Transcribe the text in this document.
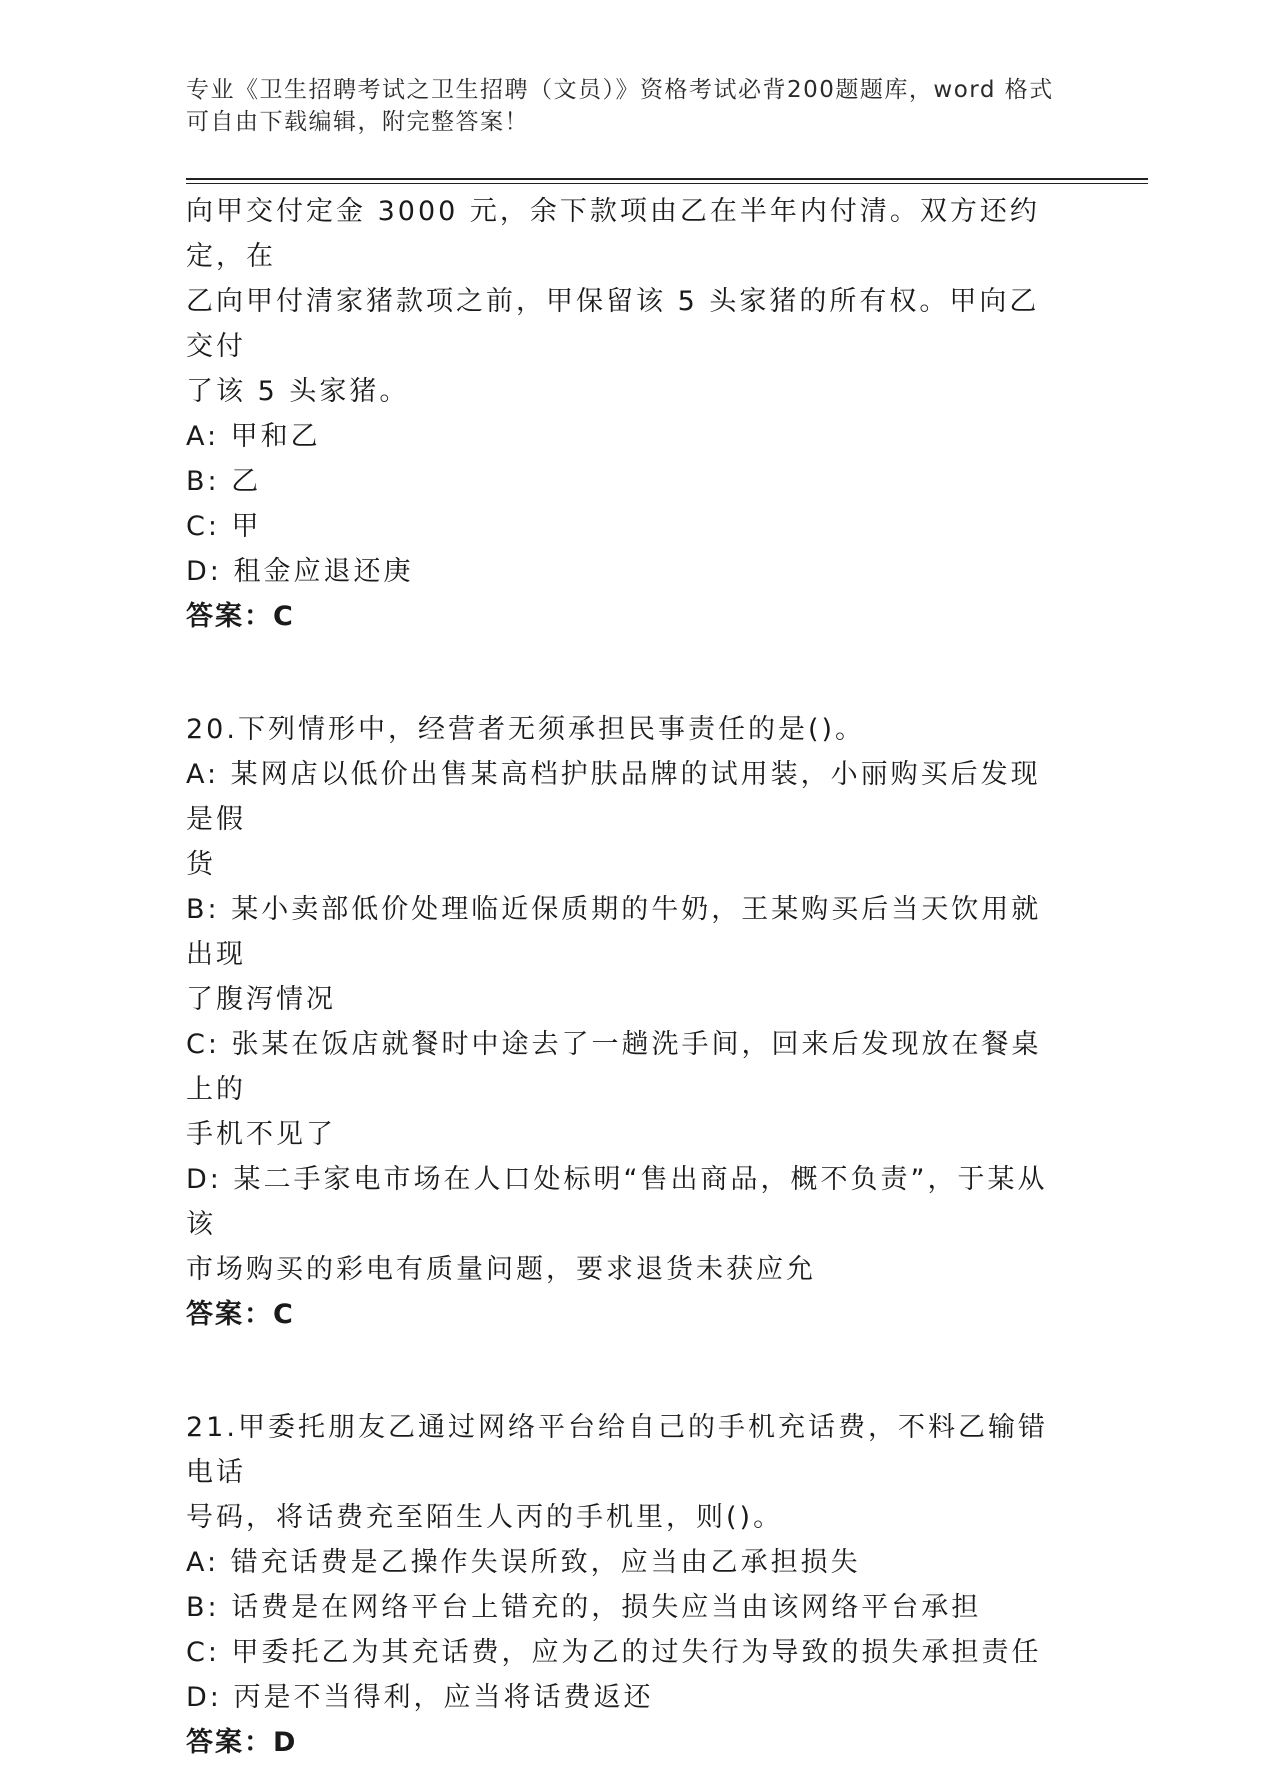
专业《卫生招聘考试之卫生招聘（文员）》资格考试必背200题题库，word 格式可自由下载编辑，附完整答案！
向甲交付定金 3000 元，余下款项由乙在半年内付清。双方还约定，在
乙向甲付清家猪款项之前，甲保留该 5 头家猪的所有权。甲向乙交付
了该 5 头家猪。
A: 甲和乙
B: 乙
C: 甲
D: 租金应退还庚
答案：C
20.下列情形中，经营者无须承担民事责任的是()。
A: 某网店以低价出售某高档护肤品牌的试用装，小丽购买后发现是假
货
B: 某小卖部低价处理临近保质期的牛奶，王某购买后当天饮用就出现
了腹泻情况
C: 张某在饭店就餐时中途去了一趟洗手间，回来后发现放在餐桌上的
手机不见了
D: 某二手家电市场在人口处标明“售出商品，概不负责”，于某从该
市场购买的彩电有质量问题，要求退货未获应允
答案：C
21.甲委托朋友乙通过网络平台给自己的手机充话费，不料乙输错电话
号码，将话费充至陌生人丙的手机里，则()。
A: 错充话费是乙操作失误所致，应当由乙承担损失
B: 话费是在网络平台上错充的，损失应当由该网络平台承担
C: 甲委托乙为其充话费，应为乙的过失行为导致的损失承担责任
D: 丙是不当得利，应当将话费返还
答案：D
